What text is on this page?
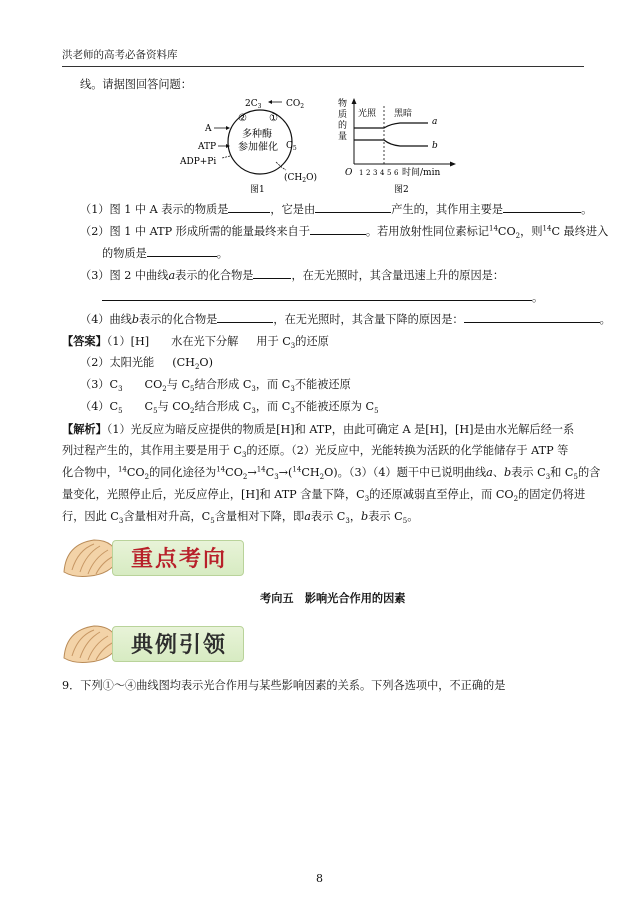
洪老师的高考必备资料库
线。请据图回答问题：
$2C_3$	$CO_2$
② ①
多种酶
参加催化
A
ATP
ADP+Pi
$C_5$
$(CH_2O)$
图1
物
质
的
量
光照 黑暗
a
b
O 1 2 3 4 5 6 时间/min
图2
（1）图 1 中 A 表示的物质是	，它是由	产生的，其作用主要是	。
（2）图 1 中 ATP 形成所需的能量最终来自于	。若用放射性同位素标记$^{14}CO_2$，则$^{14}$C 最终进入
的物质是	。
（3）图 2 中曲线a表示的化合物是	，在无光照时，其含量迅速上升的原因是：
。
（4）曲线b表示的化合物是	，在无光照时，其含量下降的原因是：	。
【答案】（1）[H] 水在光下分解 用于 $C_3$的还原
（2）太阳光能 $(CH_2O)$
$(3)C_3$ $CO_2$与 $C_5$结合形成 $C_3$，而 $C_3$不能被还原
$(4)C_5$ $C_5$与 $CO_2$结合形成 $C_3$，而 $C_3$不能被还原为 $C_5$
【解析】（1）光反应为暗反应提供的物质是[H]和 ATP，由此可确定 A 是[H]，[H]是由水光解后经一系
列过程产生的，其作用主要是用于 $C_3$的还原。（2）光反应中，光能转换为活跃的化学能储存于 ATP 等
化合物中，$^{14}CO_2$的同化途径为$^{14}CO_2\to^{14}C_3\to(^{14}CH_2O)$。（3）（4）题干中已说明曲线a、b表示 $C_3$和 $C_5$的含
量变化，光照停止后，光反应停止，[H]和 ATP 含量下降，$C_3$的还原减弱直至停止，而 $CO_2$的固定仍将进
行，因此 $C_3$含量相对升高，$C_5$含量相对下降，即a表示 $C_3$，b表示 $C_5$。
重点考向
考向五　影响光合作用的因素
典例引领
9．下列①～④曲线图均表示光合作用与某些影响因素的关系。下列各选项中，不正确的是
8
